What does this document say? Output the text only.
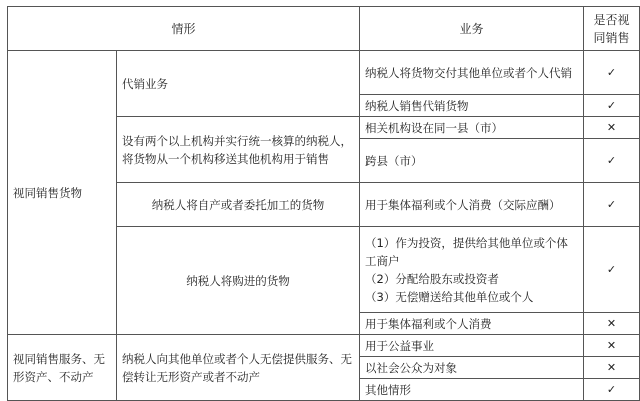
情形		业务	是否视同销售
视同销售货物	代销业务	纳税人将货物交付其他单位或者个人代销	✓
		纳税人销售代销货物	✓
	设有两个以上机构并实行统一核算的纳税人，将货物从一个机构移送其他机构用于销售	相关机构设在同一县（市）	✕
		跨县（市）	✓
	纳税人将自产或者委托加工的货物	用于集体福利或个人消费（交际应酬）	✓

	纳税人将购进的货物	（1）作为投资，提供给其他单位或个体工商户
（2）分配给股东或投资者
（3）无偿赠送给其他单位或个人	✓
		用于集体福利或个人消费	✕

视同销售服务、无形资产、不动产	纳税人向其他单位或者个人无偿提供服务、无偿转让无形资产或者不动产	用于公益事业	✕
		以社会公众为对象	✕
		其他情形	✓
